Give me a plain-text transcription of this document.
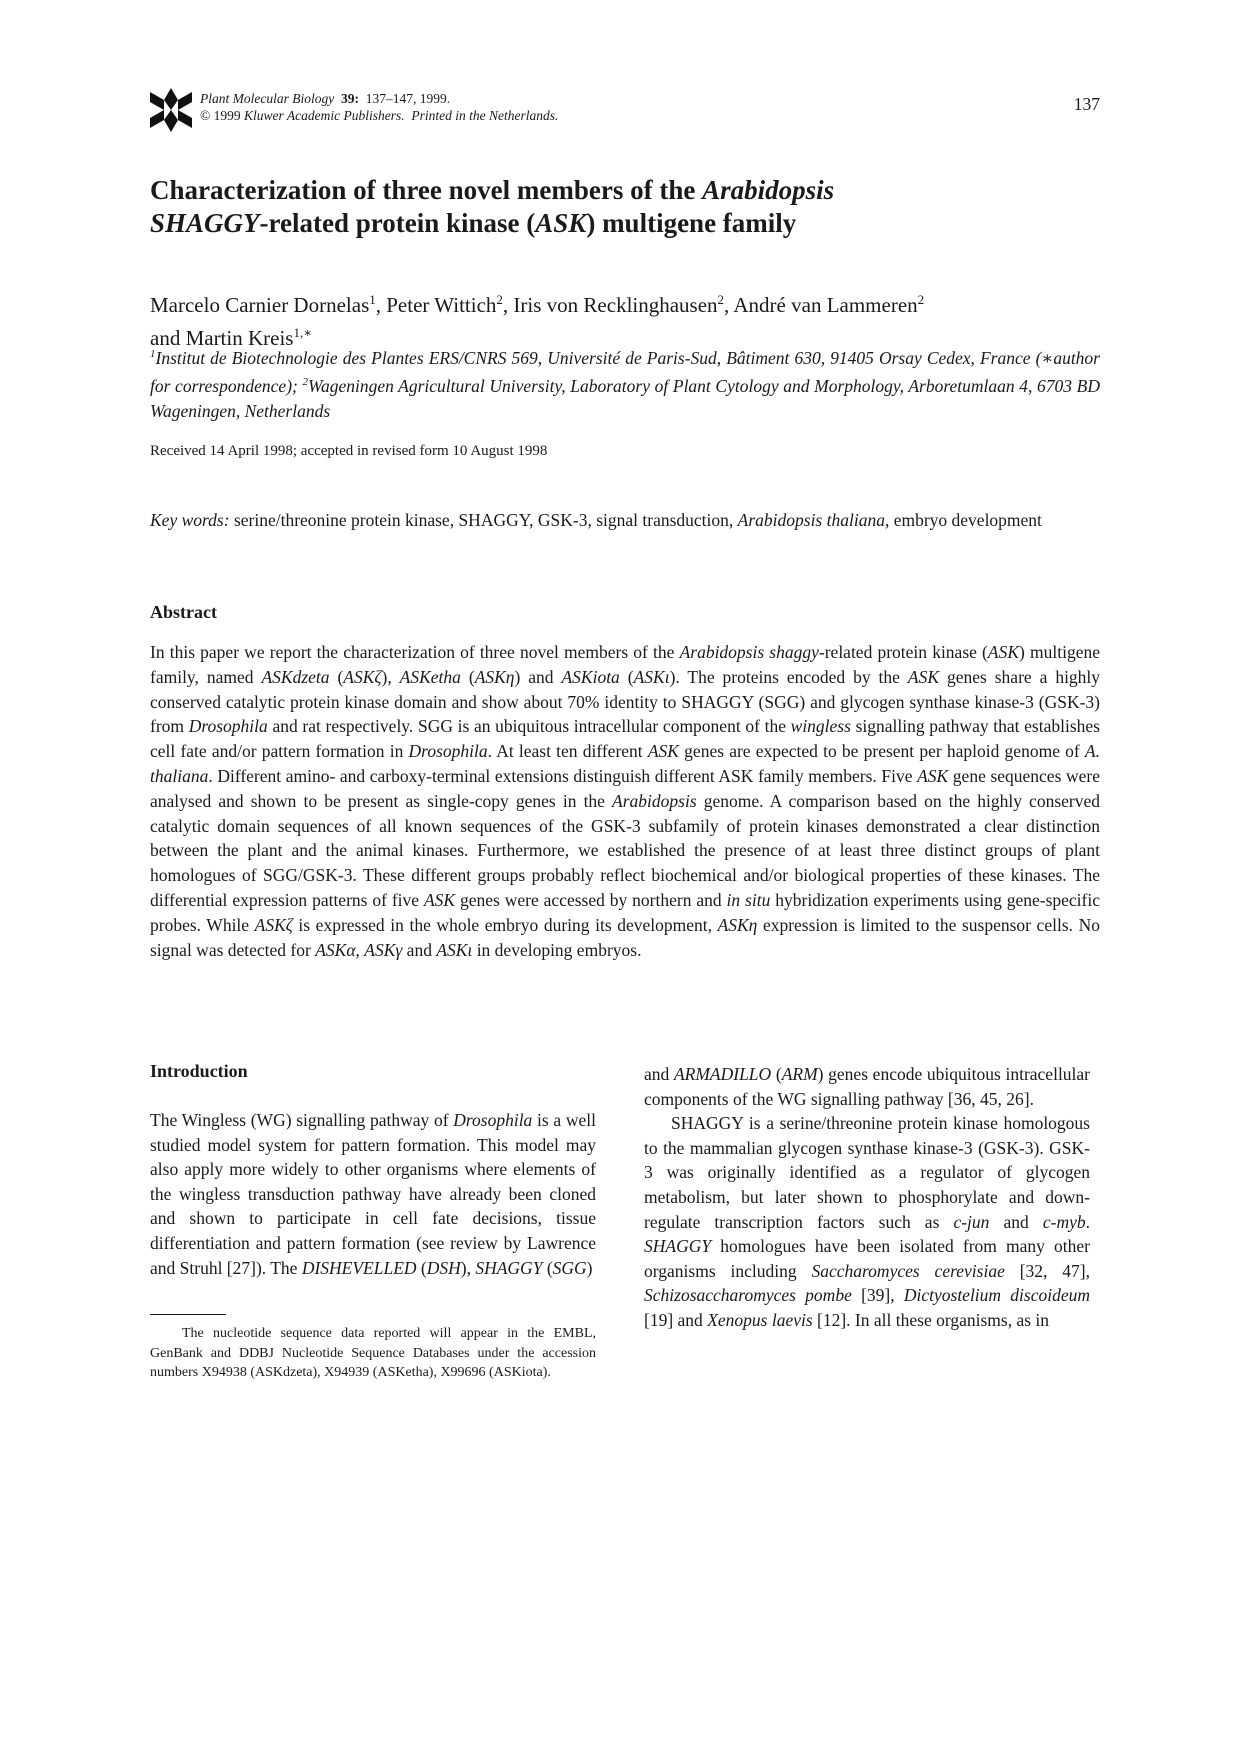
Plant Molecular Biology 39: 137–147, 1999.
© 1999 Kluwer Academic Publishers. Printed in the Netherlands.
137
Characterization of three novel members of the Arabidopsis
SHAGGY-related protein kinase (ASK) multigene family
Marcelo Carnier Dornelas$^1$, Peter Wittich$^2$, Iris von Recklinghausen$^2$, André van Lammeren$^2$
and Martin Kreis$^{1,∗}$
$^1$Institut de Biotechnologie des Plantes ERS/CNRS 569, Université de Paris-Sud, Bâtiment 630, 91405 Orsay Cedex, France (∗author for correspondence); $^2$Wageningen Agricultural University, Laboratory of Plant Cytology and Morphology, Arboretumlaan 4, 6703 BD Wageningen, Netherlands
Received 14 April 1998; accepted in revised form 10 August 1998
Key words: serine/threonine protein kinase, SHAGGY, GSK-3, signal transduction, Arabidopsis thaliana, embryo development
Abstract
In this paper we report the characterization of three novel members of the Arabidopsis shaggy-related protein kinase (ASK) multigene family, named ASKdzeta (ASKζ), ASKetha (ASKη) and ASKiota (ASKι). The proteins encoded by the ASK genes share a highly conserved catalytic protein kinase domain and show about 70% identity to SHAGGY (SGG) and glycogen synthase kinase-3 (GSK-3) from Drosophila and rat respectively. SGG is an ubiquitous intracellular component of the wingless signalling pathway that establishes cell fate and/or pattern formation in Drosophila. At least ten different ASK genes are expected to be present per haploid genome of A. thaliana. Different amino- and carboxy-terminal extensions distinguish different ASK family members. Five ASK gene sequences were analysed and shown to be present as single-copy genes in the Arabidopsis genome. A comparison based on the highly conserved catalytic domain sequences of all known sequences of the GSK-3 subfamily of protein kinases demonstrated a clear distinction between the plant and the animal kinases. Furthermore, we established the presence of at least three distinct groups of plant homologues of SGG/GSK-3. These different groups probably reflect biochemical and/or biological properties of these kinases. The differential expression patterns of five ASK genes were accessed by northern and in situ hybridization experiments using gene-specific probes. While ASKζ is expressed in the whole embryo during its development, ASKη expression is limited to the suspensor cells. No signal was detected for ASKα, ASKγ and ASKι in developing embryos.
Introduction

The Wingless (WG) signalling pathway of Drosophila is a well studied model system for pattern formation. This model may also apply more widely to other organisms where elements of the wingless transduction pathway have already been cloned and shown to participate in cell fate decisions, tissue differentiation and pattern formation (see review by Lawrence and Struhl [27]). The DISHEVELLED (DSH), SHAGGY (SGG)

The nucleotide sequence data reported will appear in the EMBL, GenBank and DDBJ Nucleotide Sequence Databases under the accession numbers X94938 (ASKdzeta), X94939 (ASKetha), X99696 (ASKiota).

and ARMADILLO (ARM) genes encode ubiquitous intracellular components of the WG signalling pathway [36, 45, 26].

SHAGGY is a serine/threonine protein kinase homologous to the mammalian glycogen synthase kinase-3 (GSK-3). GSK-3 was originally identified as a regulator of glycogen metabolism, but later shown to phosphorylate and down-regulate transcription factors such as c-jun and c-myb. SHAGGY homologues have been isolated from many other organisms including Saccharomyces cerevisiae [32, 47], Schizosaccharomyces pombe [39], Dictyostelium discoideum [19] and Xenopus laevis [12]. In all these organisms, as in
